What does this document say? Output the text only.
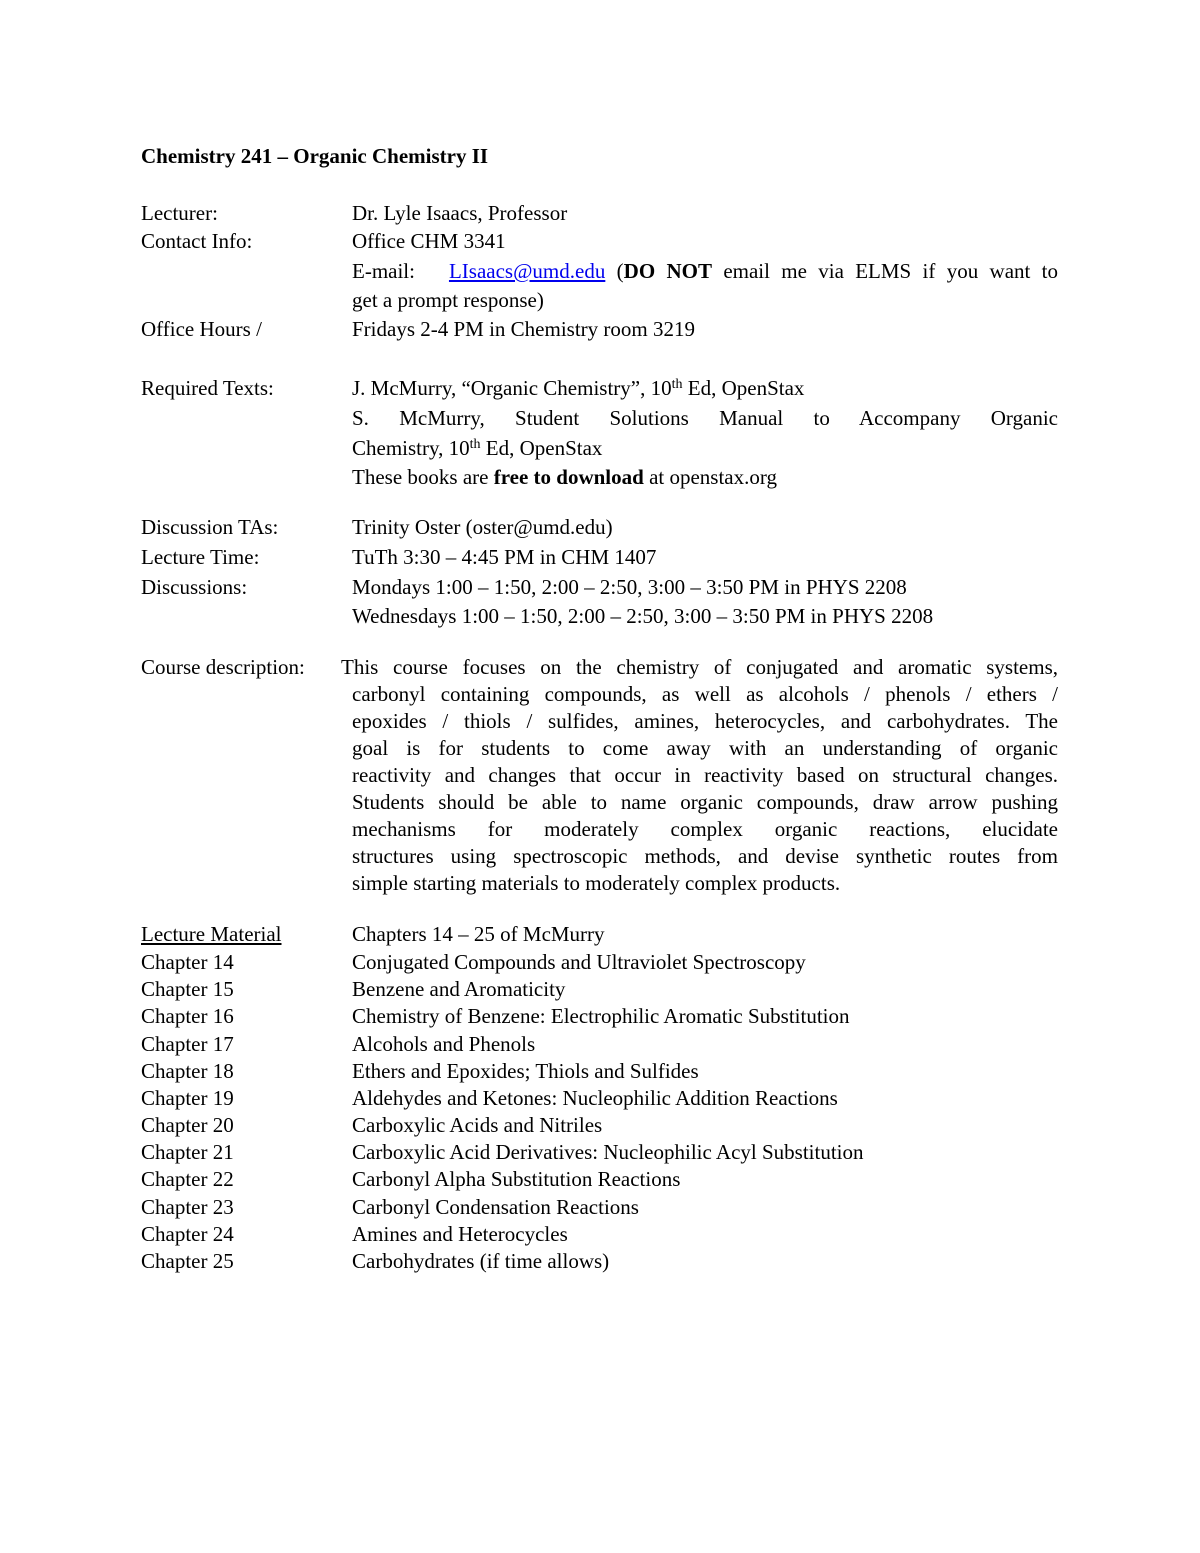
Chemistry 241 – Organic Chemistry II
Lecturer:	Dr. Lyle Isaacs, Professor
Contact Info:	Office CHM 3341
E-mail: LIsaacs@umd.edu (DO NOT email me via ELMS if you want to
get a prompt response)
Office Hours /	Fridays 2-4 PM in Chemistry room 3219
Required Texts:	J. McMurry, “Organic Chemistry”, 10th Ed, OpenStax
S. McMurry, Student Solutions Manual to Accompany Organic
Chemistry, 10th Ed, OpenStax
These books are free to download at openstax.org
Discussion TAs:	Trinity Oster (oster@umd.edu)
Lecture Time:	TuTh 3:30 – 4:45 PM in CHM 1407
Discussions:	Mondays 1:00 – 1:50, 2:00 – 2:50, 3:00 – 3:50 PM in PHYS 2208
Wednesdays 1:00 – 1:50, 2:00 – 2:50, 3:00 – 3:50 PM in PHYS 2208
Course description: This course focuses on the chemistry of conjugated and aromatic systems,
carbonyl containing compounds, as well as alcohols / phenols / ethers /
epoxides / thiols / sulfides, amines, heterocycles, and carbohydrates. The
goal is for students to come away with an understanding of organic
reactivity and changes that occur in reactivity based on structural changes.
Students should be able to name organic compounds, draw arrow pushing
mechanisms for moderately complex organic reactions, elucidate
structures using spectroscopic methods, and devise synthetic routes from
simple starting materials to moderately complex products.
Lecture Material	Chapters 14 – 25 of McMurry
Chapter 14	Conjugated Compounds and Ultraviolet Spectroscopy
Chapter 15	Benzene and Aromaticity
Chapter 16	Chemistry of Benzene: Electrophilic Aromatic Substitution
Chapter 17	Alcohols and Phenols
Chapter 18	Ethers and Epoxides; Thiols and Sulfides
Chapter 19	Aldehydes and Ketones: Nucleophilic Addition Reactions
Chapter 20	Carboxylic Acids and Nitriles
Chapter 21	Carboxylic Acid Derivatives: Nucleophilic Acyl Substitution
Chapter 22	Carbonyl Alpha Substitution Reactions
Chapter 23	Carbonyl Condensation Reactions
Chapter 24	Amines and Heterocycles
Chapter 25	Carbohydrates (if time allows)
